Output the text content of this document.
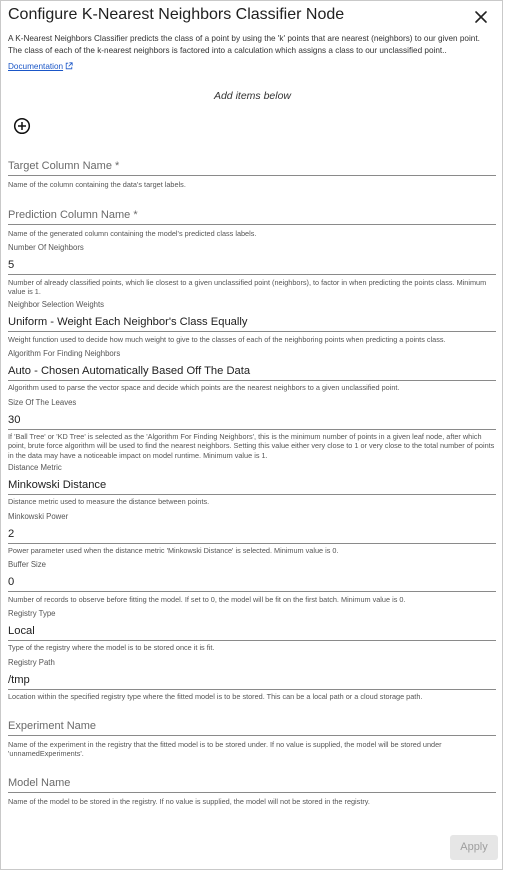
Configure K-Nearest Neighbors Classifier Node
A K-Nearest Neighbors Classifier predicts the class of a point by using the 'k' points that are nearest (neighbors) to our given point. The class of each of the k-nearest neighbors is factored into a calculation which assigns a class to our unclassified point..
Documentation
Add items below
Target Column Name *
Name of the column containing the data's target labels.
Prediction Column Name *
Name of the generated column containing the model's predicted class labels.
Number Of Neighbors
5
Number of already classified points, which lie closest to a given unclassified point (neighbors), to factor in when predicting the points class. Minimum value is 1.
Neighbor Selection Weights
Uniform - Weight Each Neighbor's Class Equally
Weight function used to decide how much weight to give to the classes of each of the neighboring points when predicting a points class.
Algorithm For Finding Neighbors
Auto - Chosen Automatically Based Off The Data
Algorithm used to parse the vector space and decide which points are the nearest neighbors to a given unclassified point.
Size Of The Leaves
30
If 'Ball Tree' or 'KD Tree' is selected as the 'Algorithm For Finding Neighbors', this is the minimum number of points in a given leaf node, after which point, brute force algorithm will be used to find the nearest neighbors. Setting this value either very close to 1 or very close to the total number of points in the data may have a noticeable impact on model runtime. Minimum value is 1.
Distance Metric
Minkowski Distance
Distance metric used to measure the distance between points.
Minkowski Power
2
Power parameter used when the distance metric 'Minkowski Distance' is selected. Minimum value is 0.
Buffer Size
0
Number of records to observe before fitting the model. If set to 0, the model will be fit on the first batch. Minimum value is 0.
Registry Type
Local
Type of the registry where the model is to be stored once it is fit.
Registry Path
/tmp
Location within the specified registry type where the fitted model is to be stored. This can be a local path or a cloud storage path.
Experiment Name
Name of the experiment in the registry that the fitted model is to be stored under. If no value is supplied, the model will be stored under 'unnamedExperiments'.
Model Name
Name of the model to be stored in the registry. If no value is supplied, the model will not be stored in the registry.
Apply
